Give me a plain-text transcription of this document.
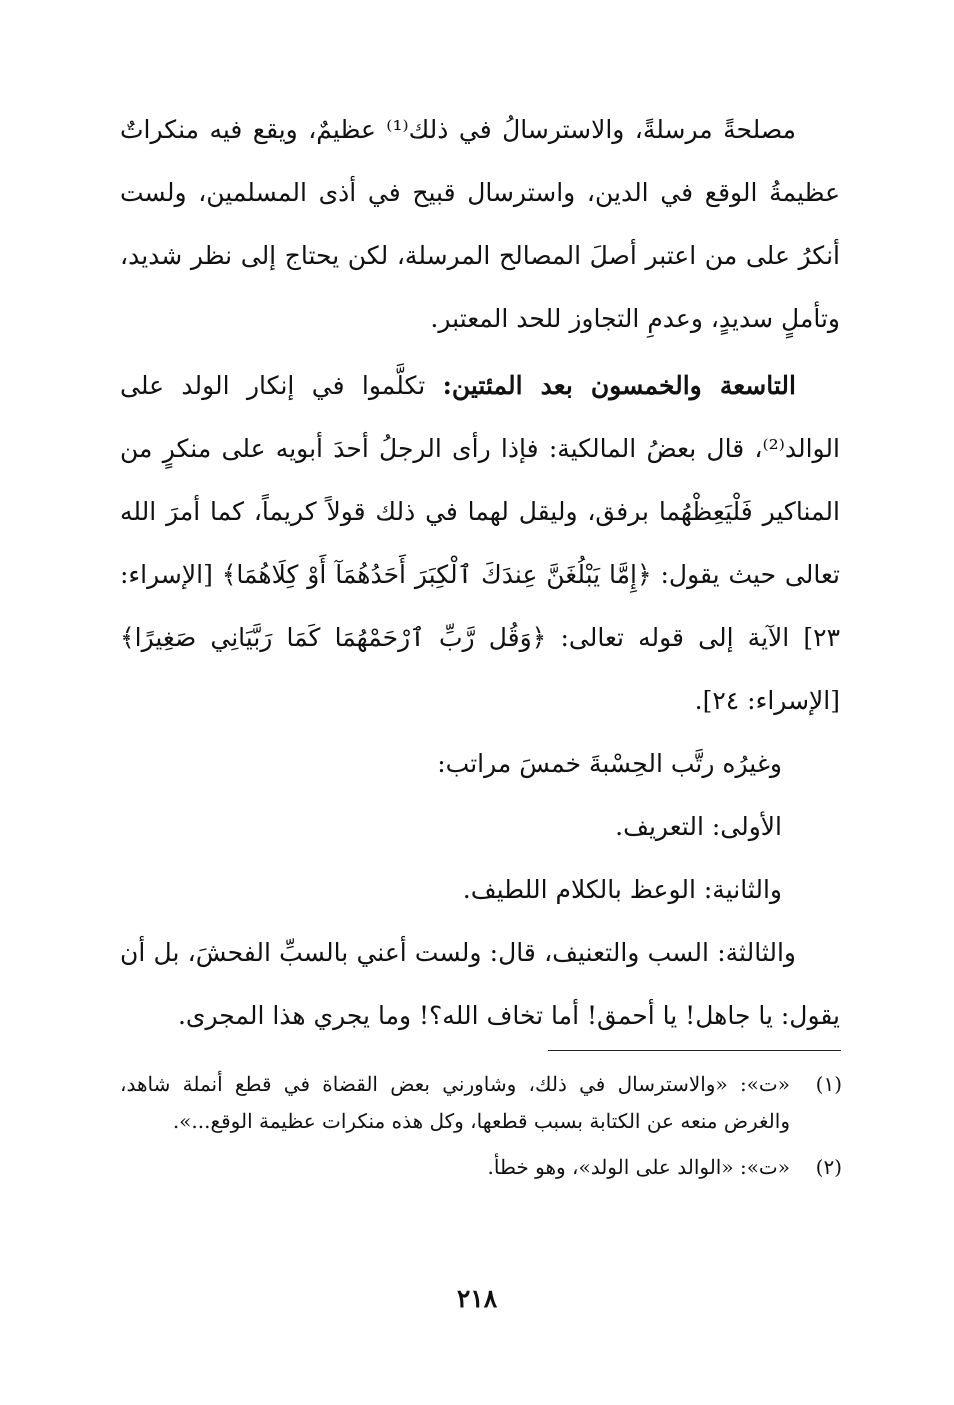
مصلحةً مرسلةً، والاسترسالُ في ذلك⁽¹⁾ عظيمٌ، ويقع فيه منكراتٌ عظيمةُ الوقع في الدين، واسترسال قبيح في أذى المسلمين، ولست أنكرُ على من اعتبر أصلَ المصالح المرسلة، لكن يحتاج إلى نظر شديد، وتأملٍ سديدٍ، وعدمِ التجاوز للحد المعتبر.

التاسعة والخمسون بعد المئتين: تكلَّموا في إنكار الولد على الوالد⁽²⁾، قال بعضُ المالكية: فإذا رأى الرجلُ أحدَ أبويه على منكرٍ من المناكير فَلْيَعِظْهُما برفق، وليقل لهما في ذلك قولاً كريماً، كما أمرَ الله تعالى حيث يقول: ﴿إِمَّا يَبْلُغَنَّ عِندَكَ ٱلْكِبَرَ أَحَدُهُمَآ أَوْ كِلَاهُمَا﴾ [الإسراء: ٢٣] الآية إلى قوله تعالى: ﴿وَقُل رَّبِّ ٱرْحَمْهُمَا كَمَا رَبَّيَانِي صَغِيرًا﴾ [الإسراء: ٢٤].

وغيرُه رتَّب الحِسْبةَ خمسَ مراتب:

الأولى: التعريف.

والثانية: الوعظ بالكلام اللطيف.

والثالثة: السب والتعنيف، قال: ولست أعني بالسبِّ الفحشَ، بل أن يقول: يا جاهل! يا أحمق! أما تخاف الله؟! وما يجري هذا المجرى.

(١)
«ت»: «والاسترسال في ذلك، وشاورني بعض القضاة في قطع أنملة شاهد، والغرض منعه عن الكتابة بسبب قطعها، وكل هذه منكرات عظيمة الوقع...».

(٢)
«ت»: «الوالد على الولد»، وهو خطأ.

٢١٨
